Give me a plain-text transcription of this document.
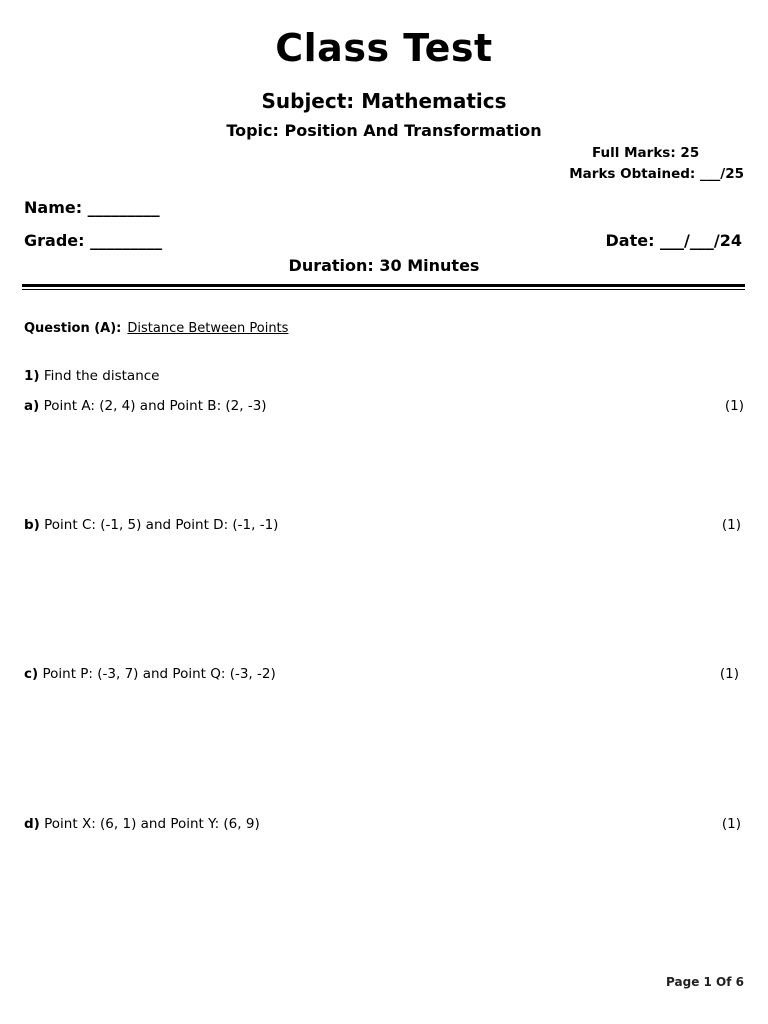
Class Test
Subject: Mathematics
Topic: Position And Transformation
Full Marks: 25
Marks Obtained: ___/25
Name: _________
Grade: _________	Date: ___/___/24
Duration: 30 Minutes
Question (A): Distance Between Points
1) Find the distance
a) Point A: (2, 4) and Point B: (2, -3)	(1)
b) Point C: (-1, 5) and Point D: (-1, -1)	(1)
c) Point P: (-3, 7) and Point Q: (-3, -2)	(1)
d) Point X: (6, 1) and Point Y: (6, 9)	(1)
Page 1 Of 6
